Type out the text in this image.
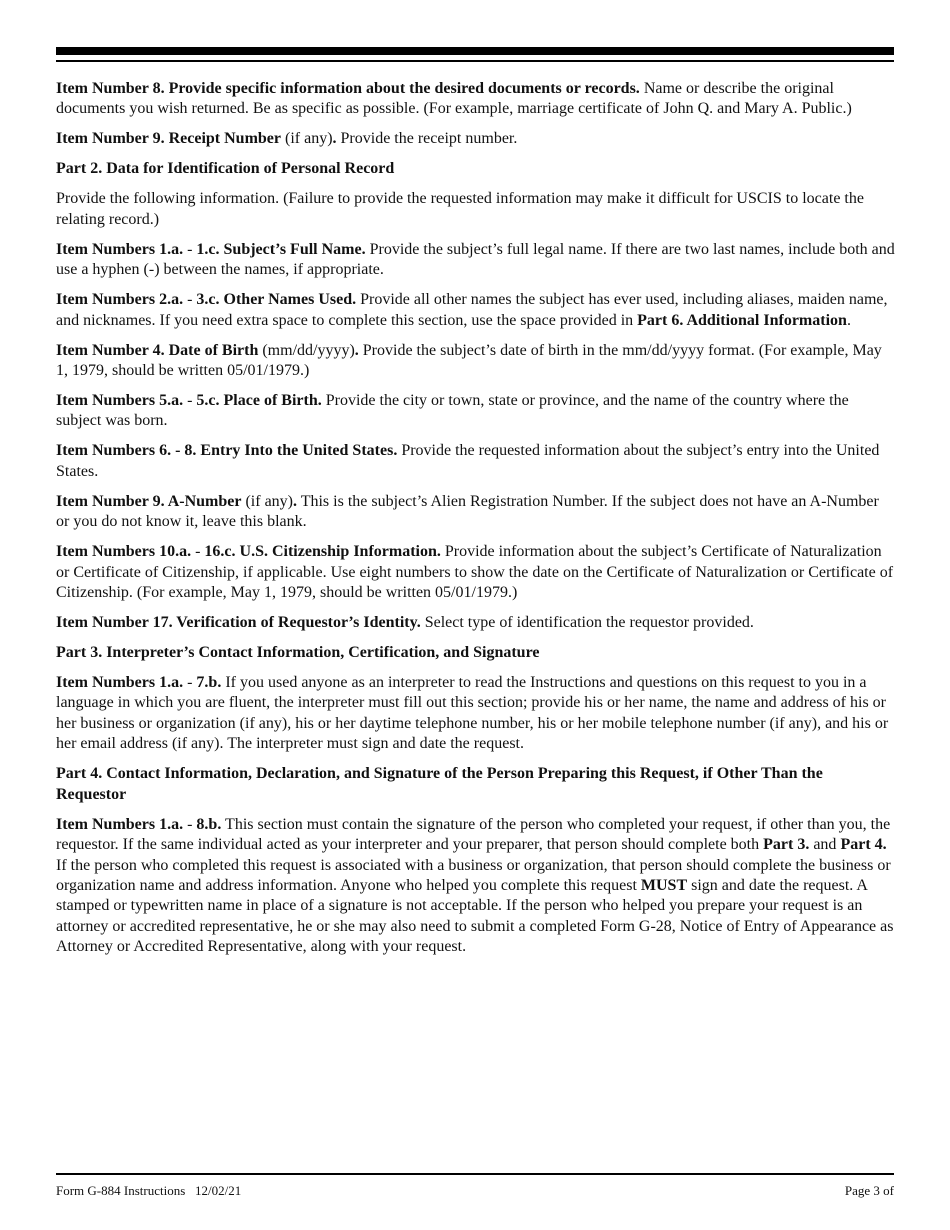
Item Number 8. Provide specific information about the desired documents or records. Name or describe the original documents you wish returned. Be as specific as possible. (For example, marriage certificate of John Q. and Mary A. Public.)

Item Number 9. Receipt Number (if any). Provide the receipt number.

Part 2. Data for Identification of Personal Record

Provide the following information. (Failure to provide the requested information may make it difficult for USCIS to locate the relating record.)

Item Numbers 1.a. - 1.c. Subject’s Full Name. Provide the subject’s full legal name. If there are two last names, include both and use a hyphen (-) between the names, if appropriate.

Item Numbers 2.a. - 3.c. Other Names Used. Provide all other names the subject has ever used, including aliases, maiden name, and nicknames. If you need extra space to complete this section, use the space provided in Part 6. Additional Information.

Item Number 4. Date of Birth (mm/dd/yyyy). Provide the subject’s date of birth in the mm/dd/yyyy format. (For example, May 1, 1979, should be written 05/01/1979.)

Item Numbers 5.a. - 5.c. Place of Birth. Provide the city or town, state or province, and the name of the country where the subject was born.

Item Numbers 6. - 8. Entry Into the United States. Provide the requested information about the subject’s entry into the United States.

Item Number 9. A-Number (if any). This is the subject’s Alien Registration Number. If the subject does not have an A-Number or you do not know it, leave this blank.

Item Numbers 10.a. - 16.c. U.S. Citizenship Information. Provide information about the subject’s Certificate of Naturalization or Certificate of Citizenship, if applicable. Use eight numbers to show the date on the Certificate of Naturalization or Certificate of Citizenship. (For example, May 1, 1979, should be written 05/01/1979.)

Item Number 17. Verification of Requestor’s Identity. Select type of identification the requestor provided.

Part 3. Interpreter’s Contact Information, Certification, and Signature

Item Numbers 1.a. - 7.b. If you used anyone as an interpreter to read the Instructions and questions on this request to you in a language in which you are fluent, the interpreter must fill out this section; provide his or her name, the name and address of his or her business or organization (if any), his or her daytime telephone number, his or her mobile telephone number (if any), and his or her email address (if any). The interpreter must sign and date the request.

Part 4. Contact Information, Declaration, and Signature of the Person Preparing this Request, if Other Than the Requestor

Item Numbers 1.a. - 8.b. This section must contain the signature of the person who completed your request, if other than you, the requestor. If the same individual acted as your interpreter and your preparer, that person should complete both Part 3. and Part 4. If the person who completed this request is associated with a business or organization, that person should complete the business or organization name and address information. Anyone who helped you complete this request MUST sign and date the request. A stamped or typewritten name in place of a signature is not acceptable. If the person who helped you prepare your request is an attorney or accredited representative, he or she may also need to submit a completed Form G-28, Notice of Entry of Appearance as Attorney or Accredited Representative, along with your request.

Form G-884 Instructions   12/02/21	Page 3 of
